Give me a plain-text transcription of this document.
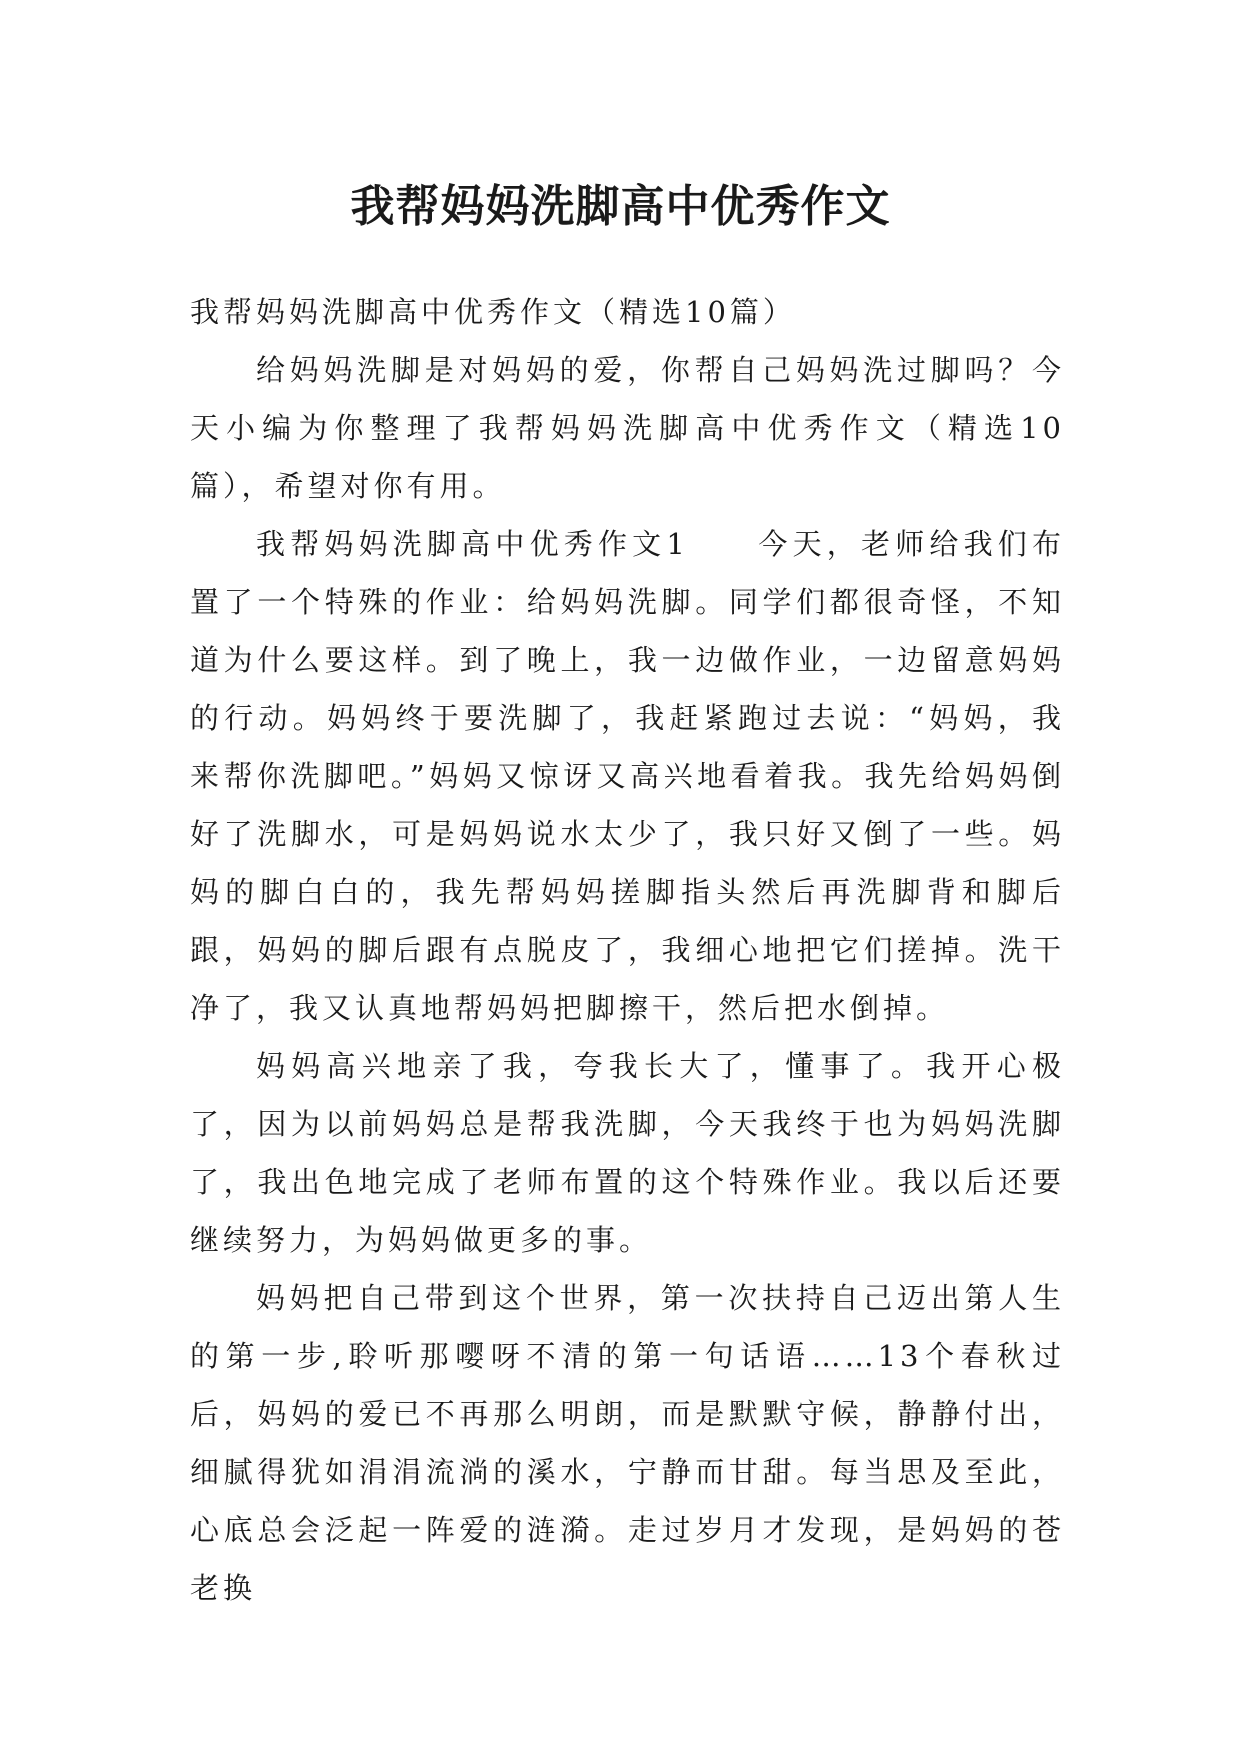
我帮妈妈洗脚高中优秀作文

我帮妈妈洗脚高中优秀作文（精选10篇）

给妈妈洗脚是对妈妈的爱，你帮自己妈妈洗过脚吗？今天小编为你整理了我帮妈妈洗脚高中优秀作文（精选10篇），希望对你有用。

我帮妈妈洗脚高中优秀作文1　　今天，老师给我们布置了一个特殊的作业：给妈妈洗脚。同学们都很奇怪，不知道为什么要这样。到了晚上，我一边做作业，一边留意妈妈的行动。妈妈终于要洗脚了，我赶紧跑过去说：“妈妈，我来帮你洗脚吧。”妈妈又惊讶又高兴地看着我。我先给妈妈倒好了洗脚水，可是妈妈说水太少了，我只好又倒了一些。妈妈的脚白白的，我先帮妈妈搓脚指头然后再洗脚背和脚后跟，妈妈的脚后跟有点脱皮了，我细心地把它们搓掉。洗干净了，我又认真地帮妈妈把脚擦干，然后把水倒掉。

妈妈高兴地亲了我，夸我长大了，懂事了。我开心极了，因为以前妈妈总是帮我洗脚，今天我终于也为妈妈洗脚了，我出色地完成了老师布置的这个特殊作业。我以后还要继续努力，为妈妈做更多的事。

妈妈把自己带到这个世界，第一次扶持自己迈出第人生的第一步,聆听那嘤呀不清的第一句话语……13个春秋过后，妈妈的爱已不再那么明朗，而是默默守候，静静付出，细腻得犹如涓涓流淌的溪水，宁静而甘甜。每当思及至此，心底总会泛起一阵爱的涟漪。走过岁月才发现，是妈妈的苍老换
